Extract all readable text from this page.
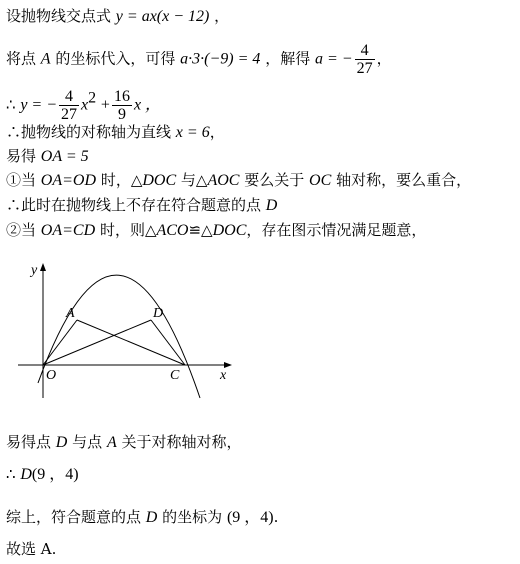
设抛物线交点式 y = ax(x − 12) ，
将点 A 的坐标代入，可得 a·3·(−9) = 4 ，解得 a = − $\frac{4}{27}$ ，
∴ y = − $\frac{4}{27} x^2 + \frac{16}{9}$ x ，
∴抛物线的对称轴为直线 x = 6，
易得 OA = 5
①当 OA=OD 时，△DOC 与△AOC 要么关于 OC 轴对称，要么重合，
∴此时在抛物线上不存在符合题意的点 D
②当 OA=CD 时，则△ACO≌△DOC，存在图示情况满足题意，
y
x
O
A	D
C
易得点 D 与点 A 关于对称轴对称，
∴ D(9 ，4)
综上，符合题意的点 D 的坐标为 (9 ，4).
故选 A.
